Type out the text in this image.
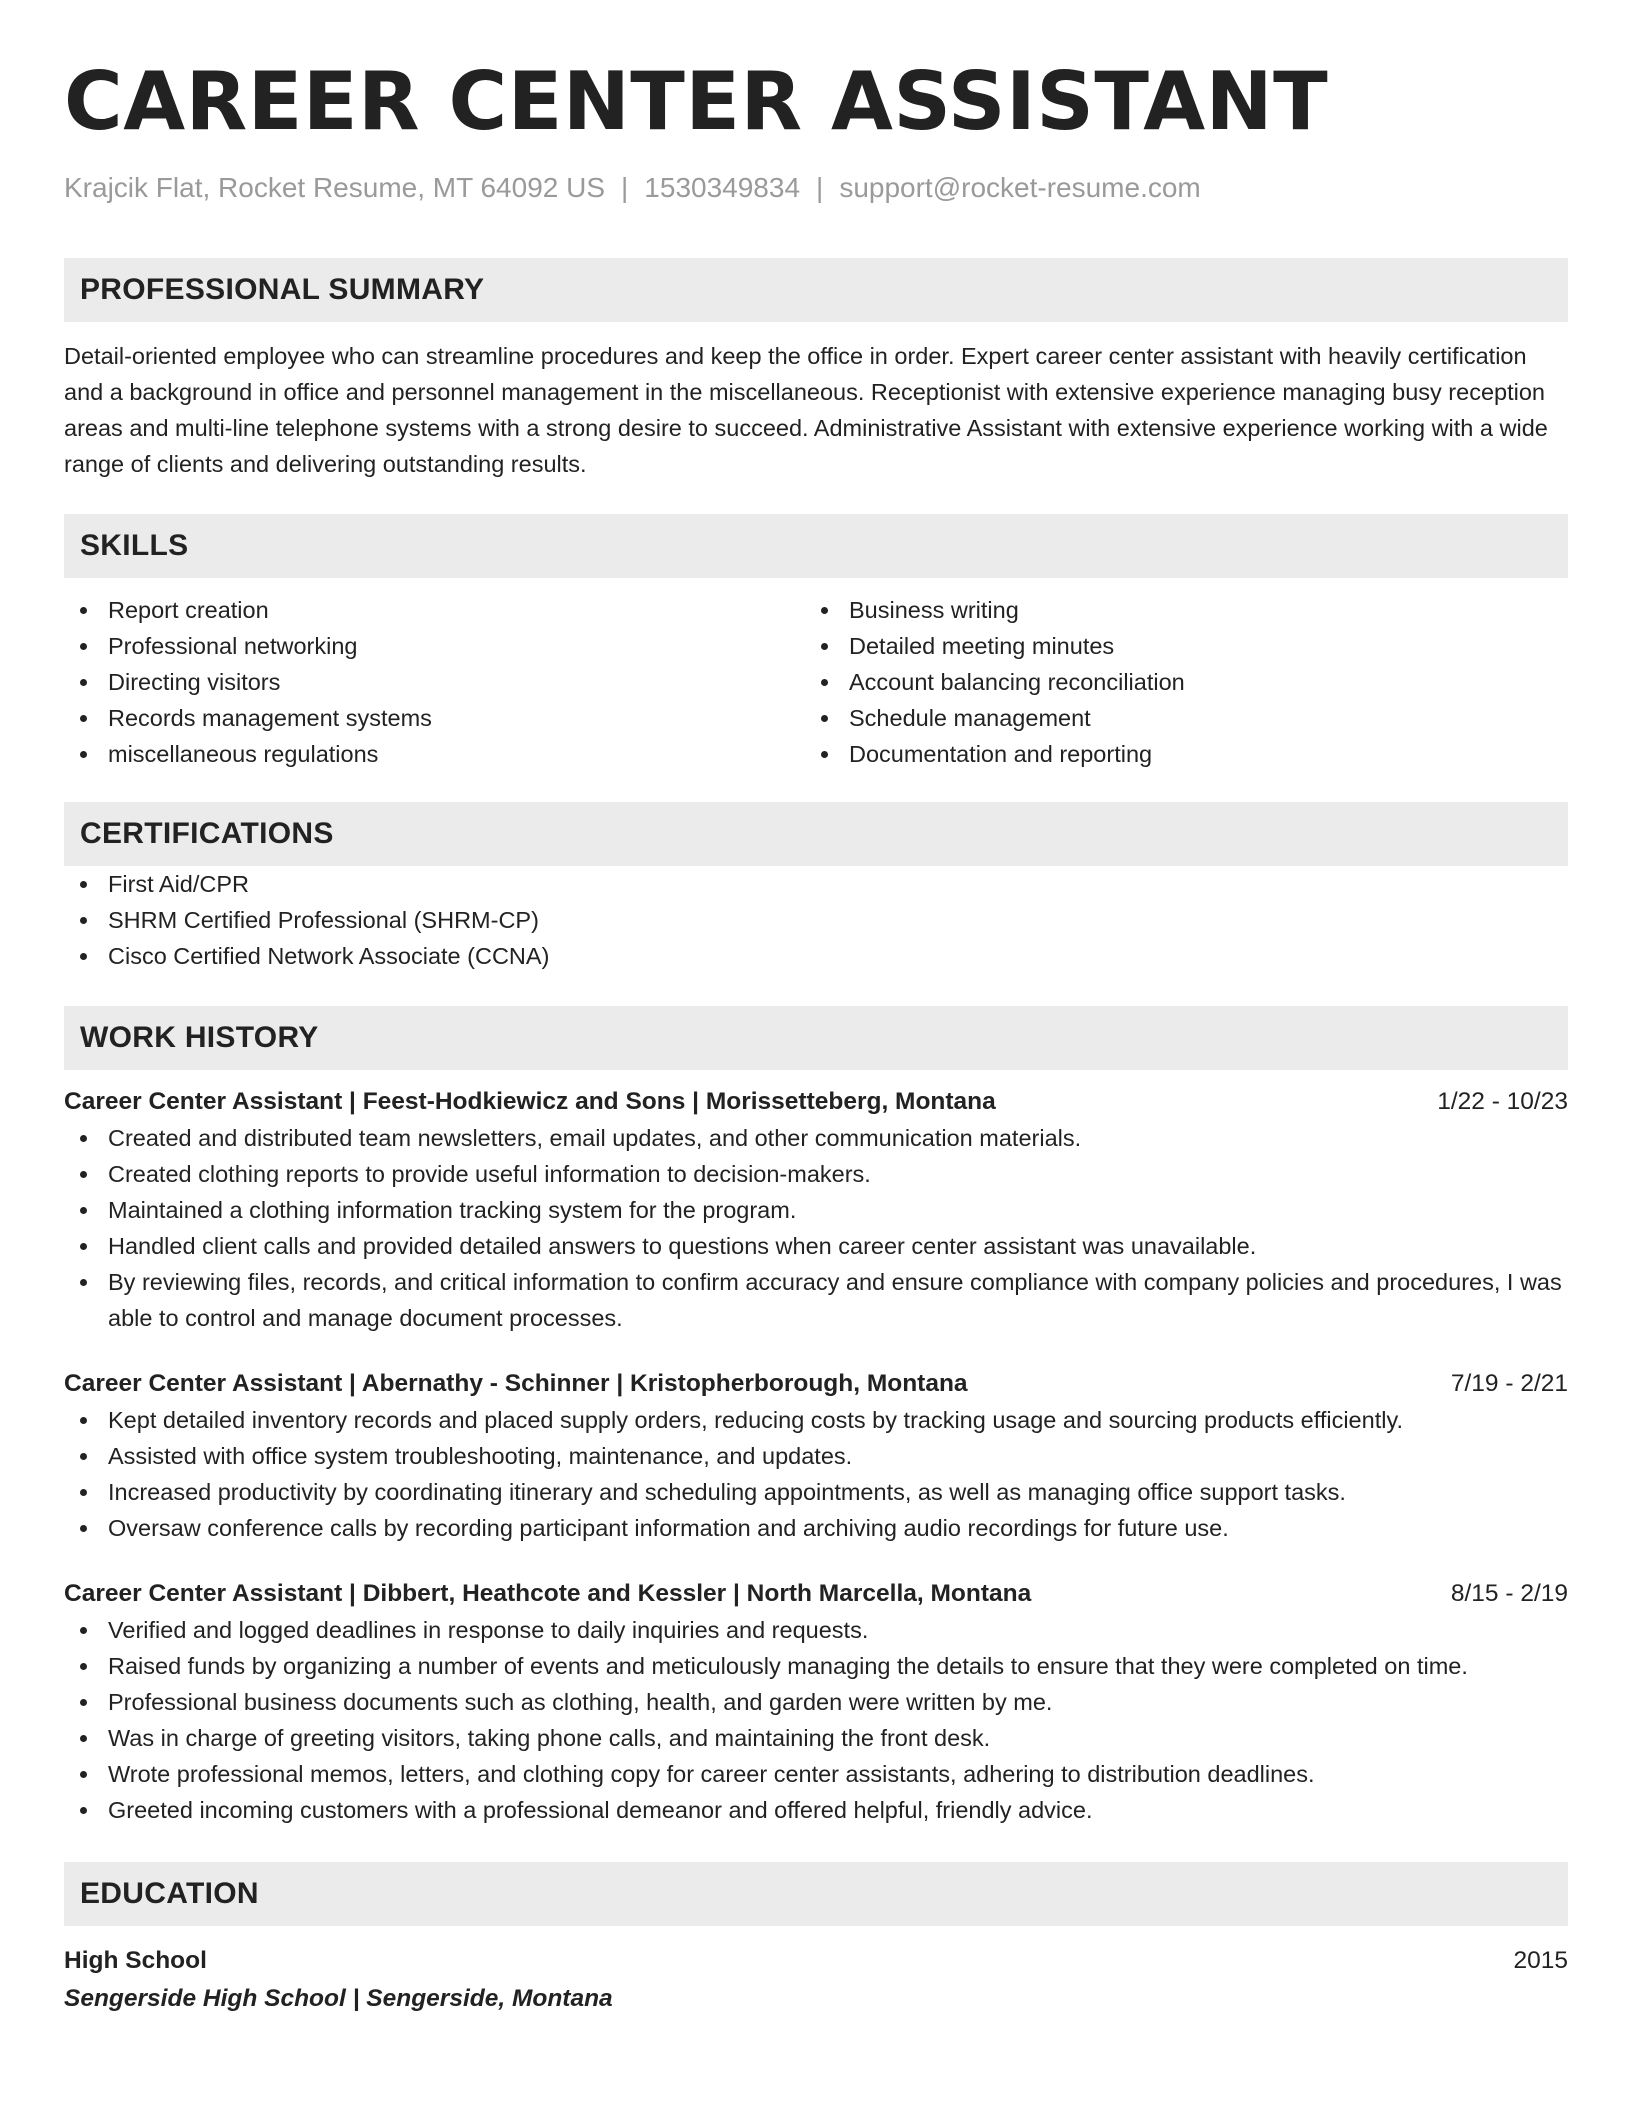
CAREER CENTER ASSISTANT
Krajcik Flat, Rocket Resume, MT 64092 US | 1530349834 | support@rocket-resume.com
PROFESSIONAL SUMMARY
Detail-oriented employee who can streamline procedures and keep the office in order. Expert career center assistant with heavily certification and a background in office and personnel management in the miscellaneous. Receptionist with extensive experience managing busy reception areas and multi-line telephone systems with a strong desire to succeed. Administrative Assistant with extensive experience working with a wide range of clients and delivering outstanding results.
SKILLS
Report creation
Professional networking
Directing visitors
Records management systems
miscellaneous regulations
Business writing
Detailed meeting minutes
Account balancing reconciliation
Schedule management
Documentation and reporting
CERTIFICATIONS
First Aid/CPR
SHRM Certified Professional (SHRM-CP)
Cisco Certified Network Associate (CCNA)
WORK HISTORY
Career Center Assistant | Feest-Hodkiewicz and Sons | Morissetteberg, Montana	1/22 - 10/23
Created and distributed team newsletters, email updates, and other communication materials.
Created clothing reports to provide useful information to decision-makers.
Maintained a clothing information tracking system for the program.
Handled client calls and provided detailed answers to questions when career center assistant was unavailable.
By reviewing files, records, and critical information to confirm accuracy and ensure compliance with company policies and procedures, I was able to control and manage document processes.
Career Center Assistant | Abernathy - Schinner | Kristopherborough, Montana	7/19 - 2/21
Kept detailed inventory records and placed supply orders, reducing costs by tracking usage and sourcing products efficiently.
Assisted with office system troubleshooting, maintenance, and updates.
Increased productivity by coordinating itinerary and scheduling appointments, as well as managing office support tasks.
Oversaw conference calls by recording participant information and archiving audio recordings for future use.
Career Center Assistant | Dibbert, Heathcote and Kessler | North Marcella, Montana	8/15 - 2/19
Verified and logged deadlines in response to daily inquiries and requests.
Raised funds by organizing a number of events and meticulously managing the details to ensure that they were completed on time.
Professional business documents such as clothing, health, and garden were written by me.
Was in charge of greeting visitors, taking phone calls, and maintaining the front desk.
Wrote professional memos, letters, and clothing copy for career center assistants, adhering to distribution deadlines.
Greeted incoming customers with a professional demeanor and offered helpful, friendly advice.
EDUCATION
High School	2015
Sengerside High School | Sengerside, Montana
